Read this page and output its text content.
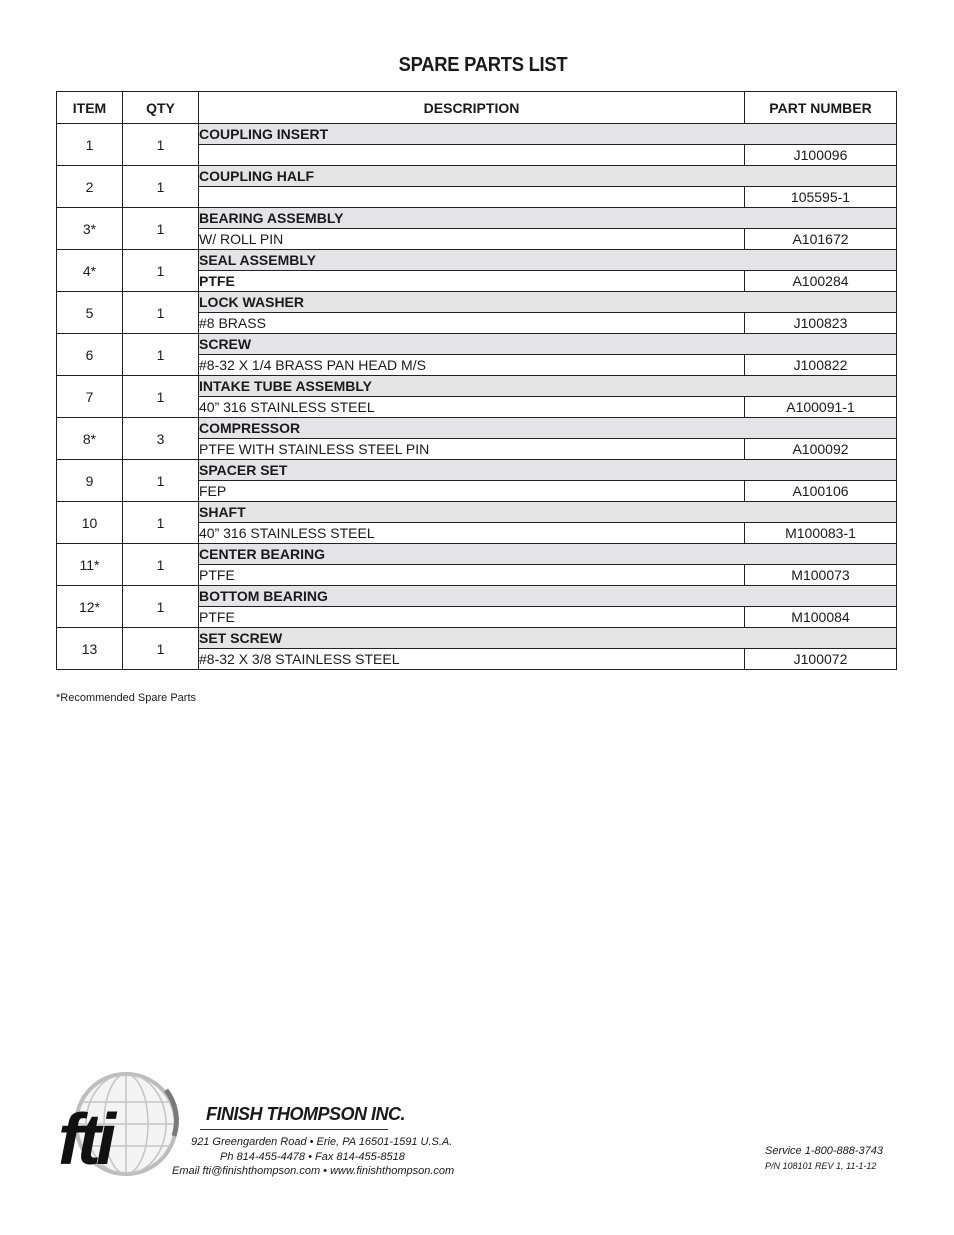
SPARE PARTS LIST
ITEM	QTY	DESCRIPTION	PART NUMBER
1	1	COUPLING INSERT	
			J100096
2	1	COUPLING HALF	
			105595-1
3*	1	BEARING ASSEMBLY	
		W/ ROLL PIN	A101672
4*	1	SEAL ASSEMBLY	
		PTFE	A100284
5	1	LOCK WASHER	
		#8 BRASS	J100823
6	1	SCREW	
		#8-32 X 1/4 BRASS PAN HEAD M/S	J100822
7	1	INTAKE TUBE ASSEMBLY	
		40” 316 STAINLESS STEEL	A100091-1
8*	3	COMPRESSOR	
		PTFE WITH STAINLESS STEEL PIN	A100092
9	1	SPACER SET	
		FEP	A100106
10	1	SHAFT	
		40” 316 STAINLESS STEEL	M100083-1
11*	1	CENTER BEARING	
		PTFE	M100073
12*	1	BOTTOM BEARING	
		PTFE	M100084
13	1	SET SCREW	
		#8-32 X 3/8 STAINLESS STEEL	J100072
*Recommended Spare Parts
fti	FINISH THOMPSON INC.
921 Greengarden Road • Erie, PA 16501-1591 U.S.A.
Ph 814-455-4478 • Fax 814-455-8518
Email fti@finishthompson.com • www.finishthompson.com
Service 1-800-888-3743
P/N 108101 REV 1, 11-1-12
